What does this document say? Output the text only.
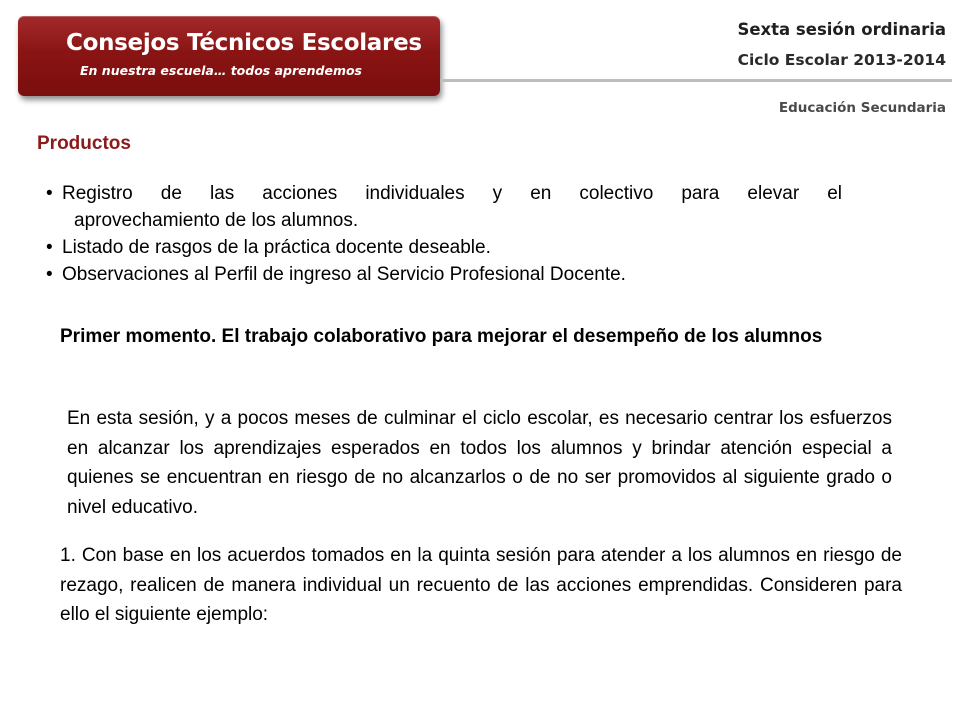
Consejos Técnicos Escolares
En nuestra escuela… todos aprendemos
Sexta sesión ordinaria
Ciclo Escolar 2013-2014
Educación Secundaria
Productos
• Registro de las acciones individuales y en colectivo para elevar el
aprovechamiento de los alumnos.
• Listado de rasgos de la práctica docente deseable.
• Observaciones al Perfil de ingreso al Servicio Profesional Docente.
Primer momento. El trabajo colaborativo para mejorar el desempeño de los alumnos

En esta sesión, y a pocos meses de culminar el ciclo escolar, es necesario centrar los esfuerzos en alcanzar los aprendizajes esperados en todos los alumnos y brindar atención especial a quienes se encuentran en riesgo de no alcanzarlos o de no ser promovidos al siguiente grado o nivel educativo.

1. Con base en los acuerdos tomados en la quinta sesión para atender a los alumnos en riesgo de rezago, realicen de manera individual un recuento de las acciones emprendidas. Consideren para ello el siguiente ejemplo:
